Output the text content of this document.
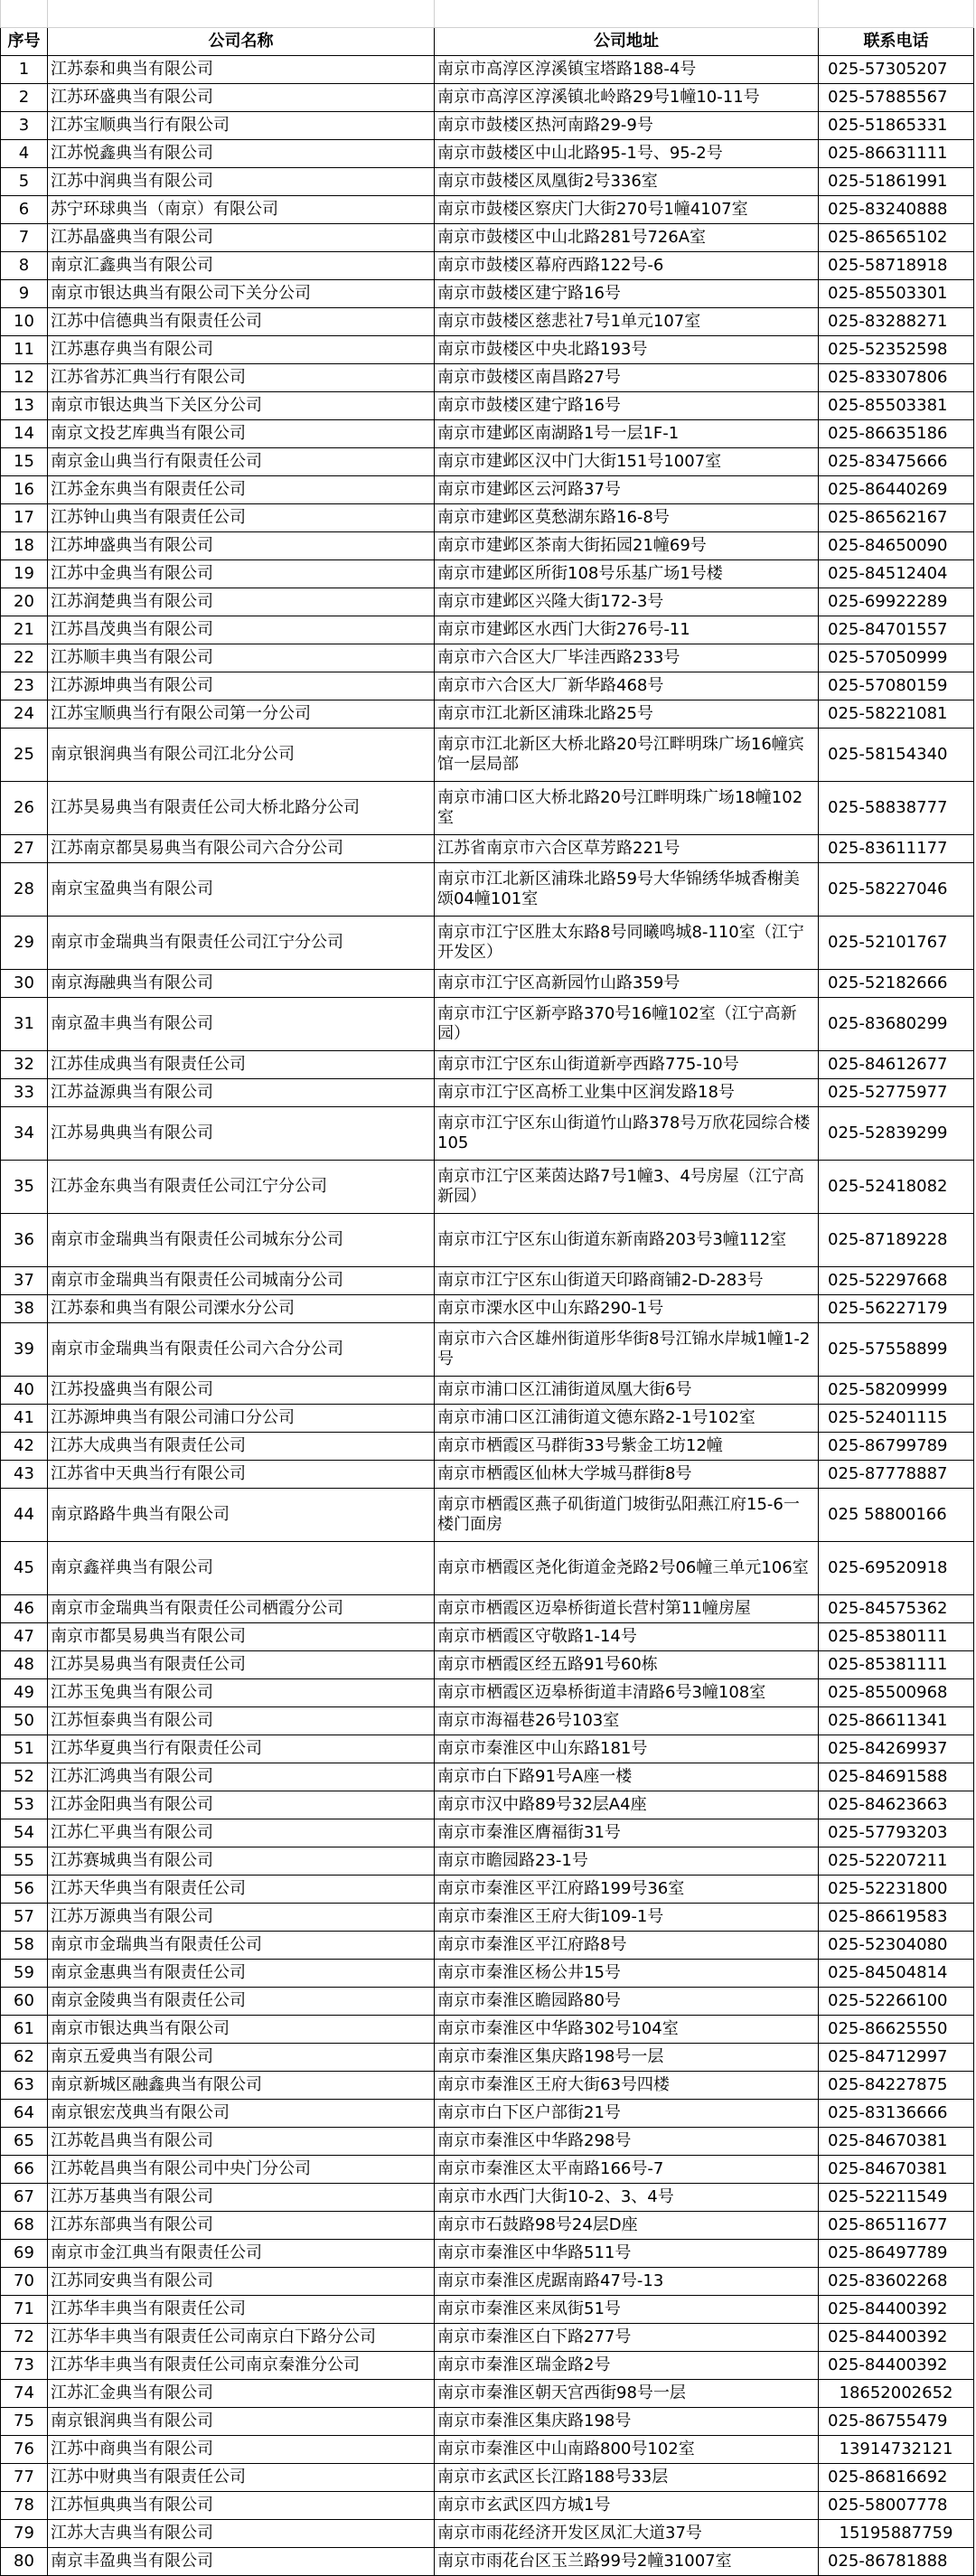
序号	公司名称	公司地址	联系电话
1	江苏泰和典当有限公司	南京市高淳区淳溪镇宝塔路188-4号	025-57305207
2	江苏环盛典当有限公司	南京市高淳区淳溪镇北岭路29号1幢10-11号	025-57885567
3	江苏宝顺典当行有限公司	南京市鼓楼区热河南路29-9号	025-51865331
4	江苏悦鑫典当有限公司	南京市鼓楼区中山北路95-1号、95-2号	025-86631111
5	江苏中润典当有限公司	南京市鼓楼区凤凰街2号336室	025-51861991
6	苏宁环球典当（南京）有限公司	南京市鼓楼区察庆门大街270号1幢4107室	025-83240888
7	江苏晶盛典当有限公司	南京市鼓楼区中山北路281号726A室	025-86565102
8	南京汇鑫典当有限公司	南京市鼓楼区幕府西路122号-6	025-58718918
9	南京市银达典当有限公司下关分公司	南京市鼓楼区建宁路16号	025-85503301
10	江苏中信德典当有限责任公司	南京市鼓楼区慈悲社7号1单元107室	025-83288271
11	江苏惠存典当有限公司	南京市鼓楼区中央北路193号	025-52352598
12	江苏省苏汇典当行有限公司	南京市鼓楼区南昌路27号	025-83307806
13	南京市银达典当下关区分公司	南京市鼓楼区建宁路16号	025-85503381
14	南京文投艺库典当有限公司	南京市建邺区南湖路1号一层1F-1	025-86635186
15	南京金山典当行有限责任公司	南京市建邺区汉中门大街151号1007室	025-83475666
16	江苏金东典当有限责任公司	南京市建邺区云河路37号	025-86440269
17	江苏钟山典当有限责任公司	南京市建邺区莫愁湖东路16-8号	025-86562167
18	江苏坤盛典当有限公司	南京市建邺区茶南大街拓园21幢69号	025-84650090
19	江苏中金典当有限公司	南京市建邺区所街108号乐基广场1号楼	025-84512404
20	江苏润楚典当有限公司	南京市建邺区兴隆大街172-3号	025-69922289
21	江苏昌茂典当有限公司	南京市建邺区水西门大街276号-11	025-84701557
22	江苏顺丰典当有限公司	南京市六合区大厂毕洼西路233号	025-57050999
23	江苏源坤典当有限公司	南京市六合区大厂新华路468号	025-57080159
24	江苏宝顺典当行有限公司第一分公司	南京市江北新区浦珠北路25号	025-58221081
25	南京银润典当有限公司江北分公司	南京市江北新区大桥北路20号江畔明珠广场16幢宾馆一层局部	025-58154340
26	江苏昊易典当有限责任公司大桥北路分公司	南京市浦口区大桥北路20号江畔明珠广场18幢102室	025-58838777
27	江苏南京都昊易典当有限公司六合分公司	江苏省南京市六合区草芳路221号	025-83611177
28	南京宝盈典当有限公司	南京市江北新区浦珠北路59号大华锦绣华城香榭美颂04幢101室	025-58227046
29	南京市金瑞典当有限责任公司江宁分公司	南京市江宁区胜太东路8号同曦鸣城8-110室（江宁开发区）	025-52101767
30	南京海融典当有限公司	南京市江宁区高新园竹山路359号	025-52182666
31	南京盈丰典当有限公司	南京市江宁区新亭路370号16幢102室（江宁高新园）	025-83680299
32	江苏佳成典当有限责任公司	南京市江宁区东山街道新亭西路775-10号	025-84612677
33	江苏益源典当有限公司	南京市江宁区高桥工业集中区润发路18号	025-52775977
34	江苏易典典当有限公司	南京市江宁区东山街道竹山路378号万欣花园综合楼105	025-52839299
35	江苏金东典当有限责任公司江宁分公司	南京市江宁区莱茵达路7号1幢3、4号房屋（江宁高新园）	025-52418082
36	南京市金瑞典当有限责任公司城东分公司	南京市江宁区东山街道东新南路203号3幢112室	025-87189228
37	南京市金瑞典当有限责任公司城南分公司	南京市江宁区东山街道天印路商铺2-D-283号	025-52297668
38	江苏泰和典当有限公司溧水分公司	南京市溧水区中山东路290-1号	025-56227179
39	南京市金瑞典当有限责任公司六合分公司	南京市六合区雄州街道彤华街8号江锦水岸城1幢1-2号	025-57558899
40	江苏投盛典当有限公司	南京市浦口区江浦街道凤凰大街6号	025-58209999
41	江苏源坤典当有限公司浦口分公司	南京市浦口区江浦街道文德东路2-1号102室	025-52401115
42	江苏大成典当有限责任公司	南京市栖霞区马群街33号紫金工坊12幢	025-86799789
43	江苏省中天典当行有限公司	南京市栖霞区仙林大学城马群街8号	025-87778887
44	南京路路牛典当有限公司	南京市栖霞区燕子矶街道门坡街弘阳燕江府15-6一楼门面房	025 58800166
45	南京鑫祥典当有限公司	南京市栖霞区尧化街道金尧路2号06幢三单元106室	025-69520918
46	南京市金瑞典当有限责任公司栖霞分公司	南京市栖霞区迈皋桥街道长营村第11幢房屋	025-84575362
47	南京市都昊易典当有限公司	南京市栖霞区守敬路1-14号	025-85380111
48	江苏昊易典当有限责任公司	南京市栖霞区经五路91号60栋	025-85381111
49	江苏玉兔典当有限公司	南京市栖霞区迈皋桥街道丰清路6号3幢108室	025-85500968
50	江苏恒泰典当有限公司	南京市海福巷26号103室	025-86611341
51	江苏华夏典当行有限责任公司	南京市秦淮区中山东路181号	025-84269937
52	江苏汇鸿典当有限公司	南京市白下路91号A座一楼	025-84691588
53	江苏金阳典当有限公司	南京市汉中路89号32层A4座	025-84623663
54	江苏仁平典当有限公司	南京市秦淮区膺福街31号	025-57793203
55	江苏赛城典当有限公司	南京市瞻园路23-1号	025-52207211
56	江苏天华典当有限责任公司	南京市秦淮区平江府路199号36室	025-52231800
57	江苏万源典当有限公司	南京市秦淮区王府大街109-1号	025-86619583
58	南京市金瑞典当有限责任公司	南京市秦淮区平江府路8号	025-52304080
59	南京金惠典当有限责任公司	南京市秦淮区杨公井15号	025-84504814
60	南京金陵典当有限责任公司	南京市秦淮区瞻园路80号	025-52266100
61	南京市银达典当有限公司	南京市秦淮区中华路302号104室	025-86625550
62	南京五爱典当有限公司	南京市秦淮区集庆路198号一层	025-84712997
63	南京新城区融鑫典当有限公司	南京市秦淮区王府大街63号四楼	025-84227875
64	南京银宏茂典当有限公司	南京市白下区户部街21号	025-83136666
65	江苏乾昌典当有限公司	南京市秦淮区中华路298号	025-84670381
66	江苏乾昌典当有限公司中央门分公司	南京市秦淮区太平南路166号-7	025-84670381
67	江苏万基典当有限公司	南京市水西门大街10-2、3、4号	025-52211549
68	江苏东部典当有限公司	南京市石鼓路98号24层D座	025-86511677
69	南京市金江典当有限责任公司	南京市秦淮区中华路511号	025-86497789
70	江苏同安典当有限公司	南京市秦淮区虎踞南路47号-13	025-83602268
71	江苏华丰典当有限责任公司	南京市秦淮区来凤街51号	025-84400392
72	江苏华丰典当有限责任公司南京白下路分公司	南京市秦淮区白下路277号	025-84400392
73	江苏华丰典当有限责任公司南京秦淮分公司	南京市秦淮区瑞金路2号	025-84400392
74	江苏汇金典当有限公司	南京市秦淮区朝天宫西街98号一层	18652002652
75	南京银润典当有限公司	南京市秦淮区集庆路198号	025-86755479
76	江苏中商典当有限公司	南京市秦淮区中山南路800号102室	13914732121
77	江苏中财典当有限责任公司	南京市玄武区长江路188号33层	025-86816692
78	江苏恒典典当有限公司	南京市玄武区四方城1号	025-58007778
79	江苏大吉典当有限公司	南京市雨花经济开发区凤汇大道37号	15195887759
80	南京丰盈典当有限公司	南京市雨花台区玉兰路99号2幢31007室	025-86781888
